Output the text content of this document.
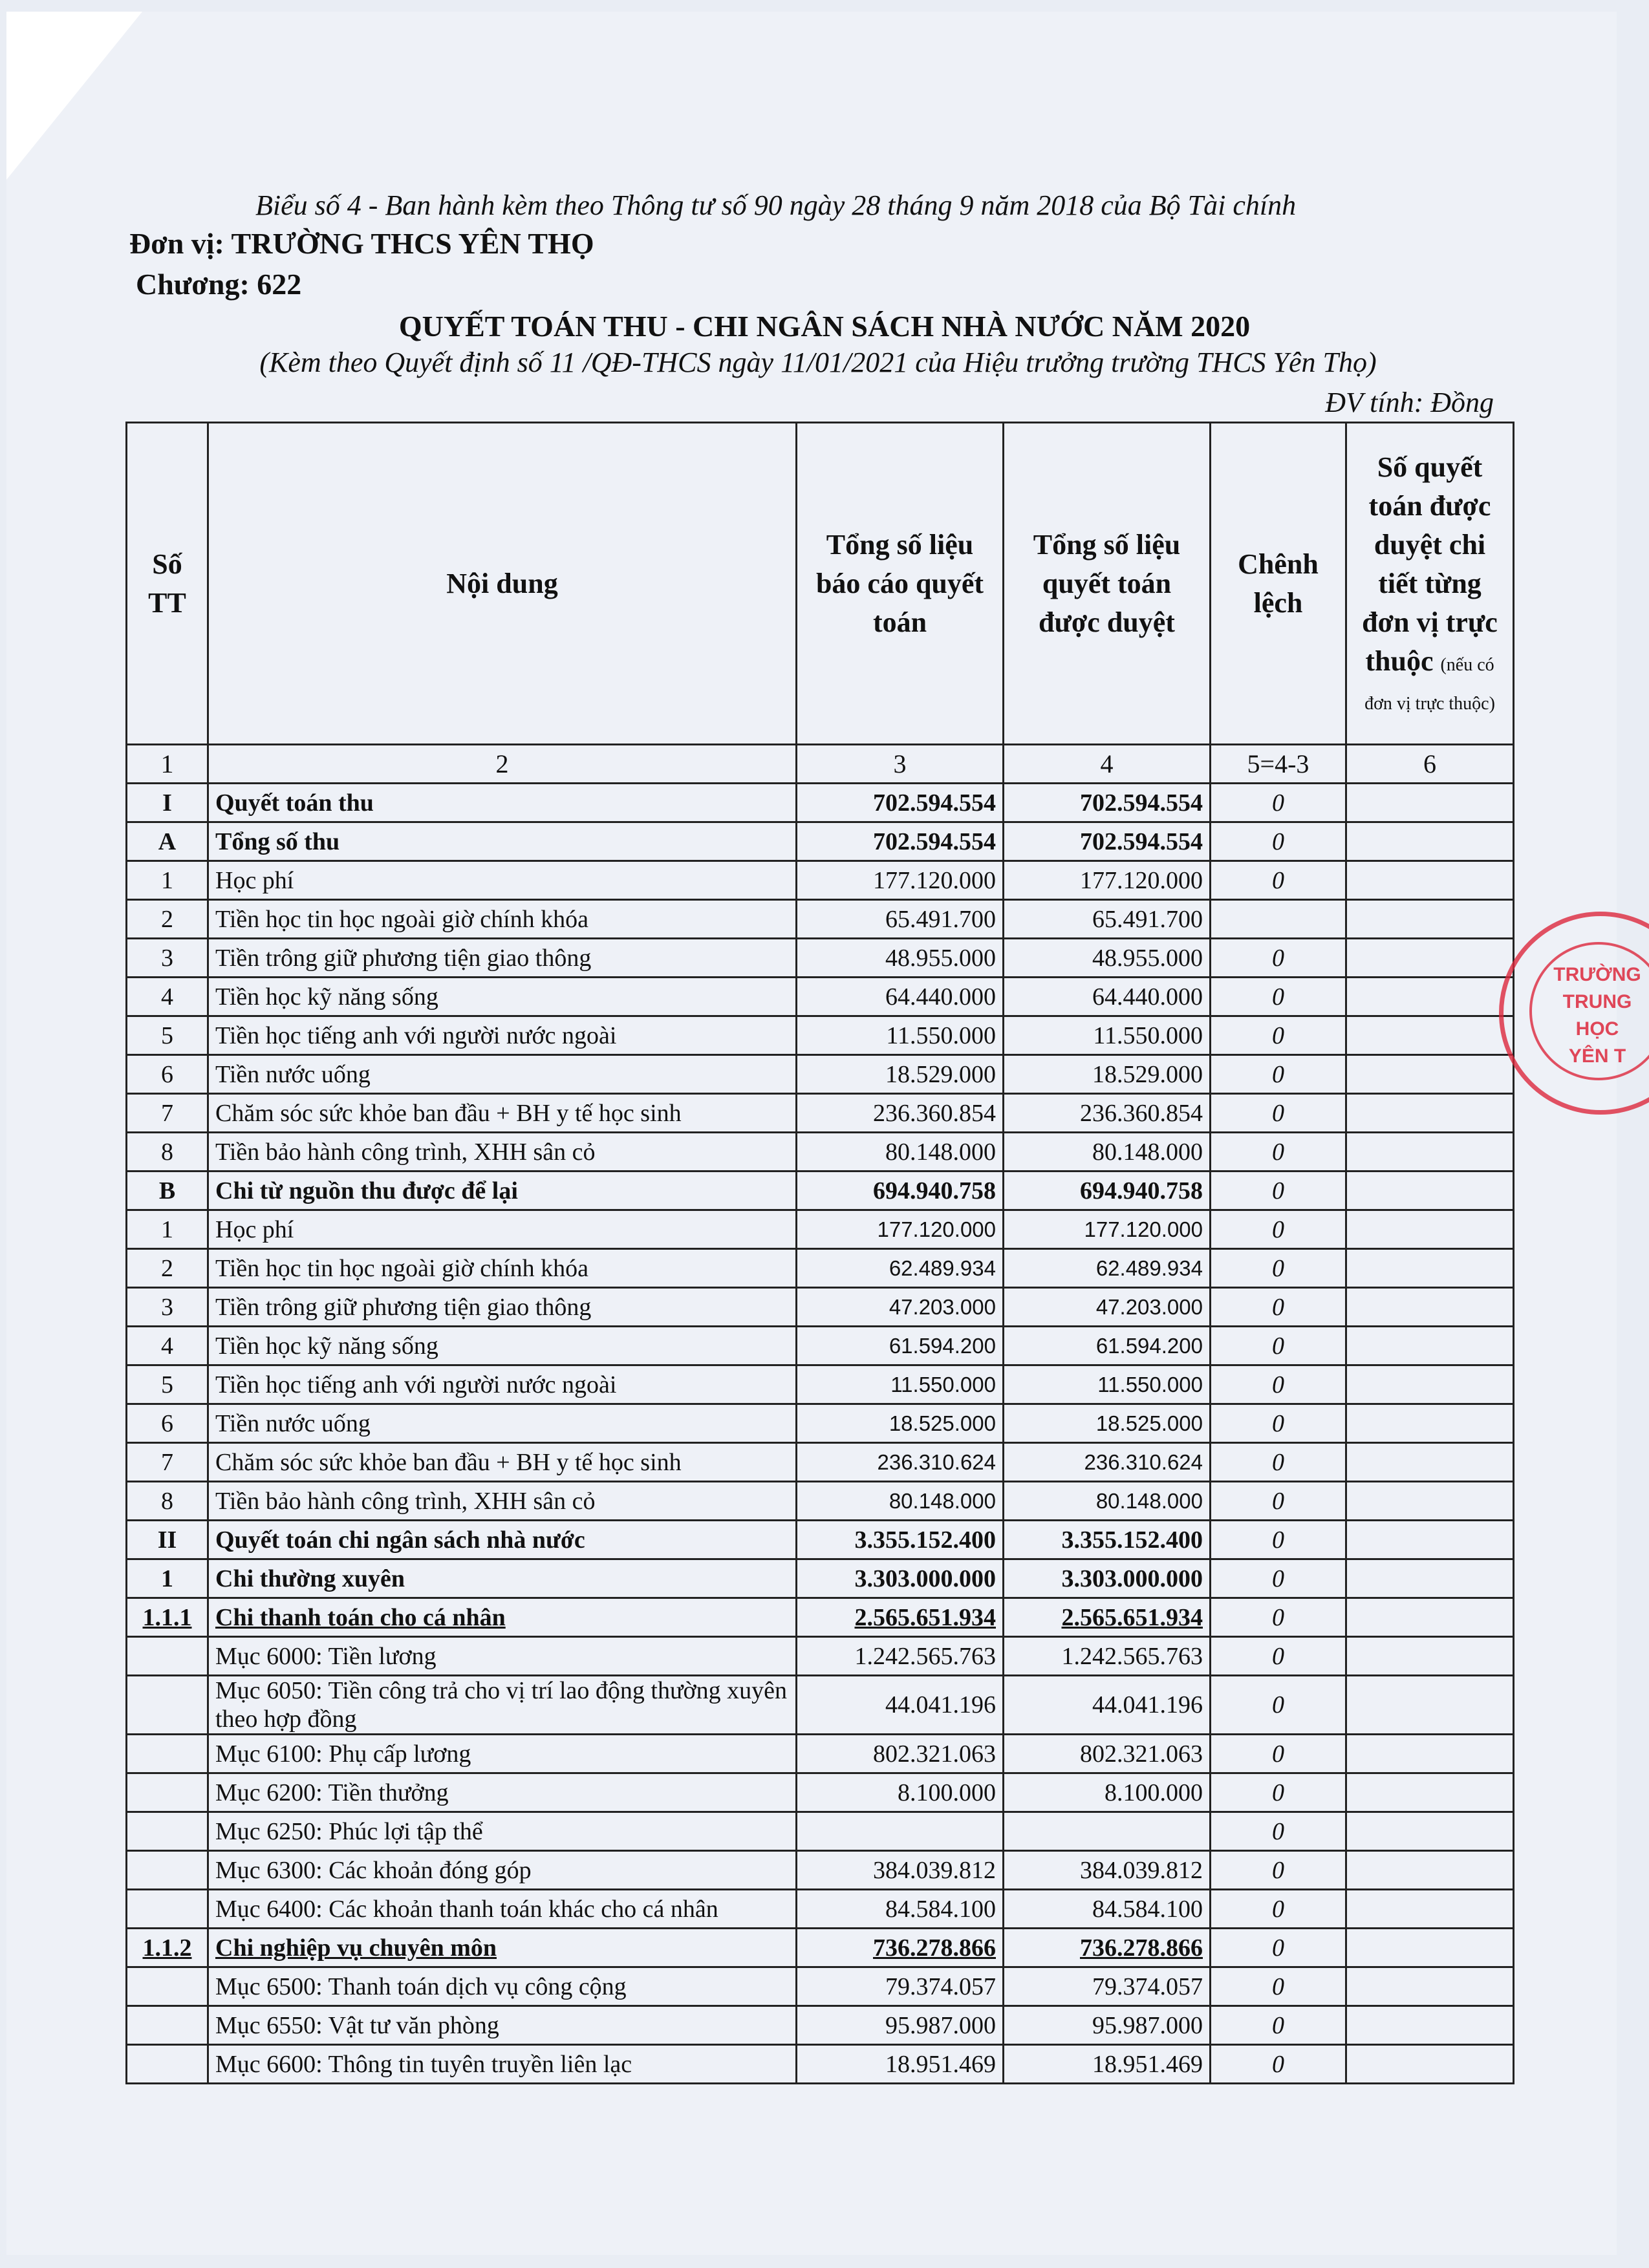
Biểu số 4 - Ban hành kèm theo Thông tư số 90 ngày 28 tháng 9 năm 2018 của Bộ Tài chính
Đơn vị: TRƯỜNG THCS YÊN THỌ
Chương: 622
QUYẾT TOÁN THU - CHI NGÂN SÁCH NHÀ NƯỚC NĂM 2020
(Kèm theo Quyết định số 11 /QĐ-THCS ngày 11/01/2021 của Hiệu trưởng trường THCS Yên Thọ)
ĐV tính: Đồng
Số TT	Nội dung	Tổng số liệu báo cáo quyết toán	Tổng số liệu quyết toán được duyệt	Chênh lệch	Số quyết toán được duyệt chi tiết từng đơn vị trực thuộc (nếu có đơn vị trực thuộc)
1	2	3	4	5=4-3	6
I	Quyết toán thu	702.594.554	702.594.554	0	
A	Tổng số thu	702.594.554	702.594.554	0	
1	Học phí	177.120.000	177.120.000	0	
2	Tiền học tin học ngoài giờ chính khóa	65.491.700	65.491.700		
3	Tiền trông giữ phương tiện giao thông	48.955.000	48.955.000	0	
4	Tiền học kỹ năng sống	64.440.000	64.440.000	0	
5	Tiền học tiếng anh với người nước ngoài	11.550.000	11.550.000	0	
6	Tiền nước uống	18.529.000	18.529.000	0	
7	Chăm sóc sức khỏe ban đầu + BH y tế học sinh	236.360.854	236.360.854	0	
8	Tiền bảo hành công trình, XHH sân cỏ	80.148.000	80.148.000	0	
B	Chi từ nguồn thu được để lại	694.940.758	694.940.758	0	
1	Học phí	177.120.000	177.120.000	0	
2	Tiền học tin học ngoài giờ chính khóa	62.489.934	62.489.934	0	
3	Tiền trông giữ phương tiện giao thông	47.203.000	47.203.000	0	
4	Tiền học kỹ năng sống	61.594.200	61.594.200	0	
5	Tiền học tiếng anh với người nước ngoài	11.550.000	11.550.000	0	
6	Tiền nước uống	18.525.000	18.525.000	0	
7	Chăm sóc sức khỏe ban đầu + BH y tế học sinh	236.310.624	236.310.624	0	
8	Tiền bảo hành công trình, XHH sân cỏ	80.148.000	80.148.000	0	
II	Quyết toán chi ngân sách nhà nước	3.355.152.400	3.355.152.400	0	
1	Chi thường xuyên	3.303.000.000	3.303.000.000	0	
1.1.1	Chi thanh toán cho cá nhân	2.565.651.934	2.565.651.934	0	
	Mục 6000: Tiền lương	1.242.565.763	1.242.565.763	0	
	Mục 6050: Tiền công trả cho vị trí lao động thường xuyên theo hợp đồng	44.041.196	44.041.196	0	
	Mục 6100: Phụ cấp lương	802.321.063	802.321.063	0	
	Mục 6200: Tiền thưởng	8.100.000	8.100.000	0	
	Mục 6250: Phúc lợi tập thể			0	
	Mục 6300: Các khoản đóng góp	384.039.812	384.039.812	0	
	Mục 6400: Các khoản thanh toán khác cho cá nhân	84.584.100	84.584.100	0	
1.1.2	Chi nghiệp vụ chuyên môn	736.278.866	736.278.866	0	
	Mục 6500: Thanh toán dịch vụ công cộng	79.374.057	79.374.057	0	
	Mục 6550: Vật tư văn phòng	95.987.000	95.987.000	0	
	Mục 6600: Thông tin tuyên truyền liên lạc	18.951.469	18.951.469	0	
TRƯỜNG
TRUNG HỌC
YÊN T
